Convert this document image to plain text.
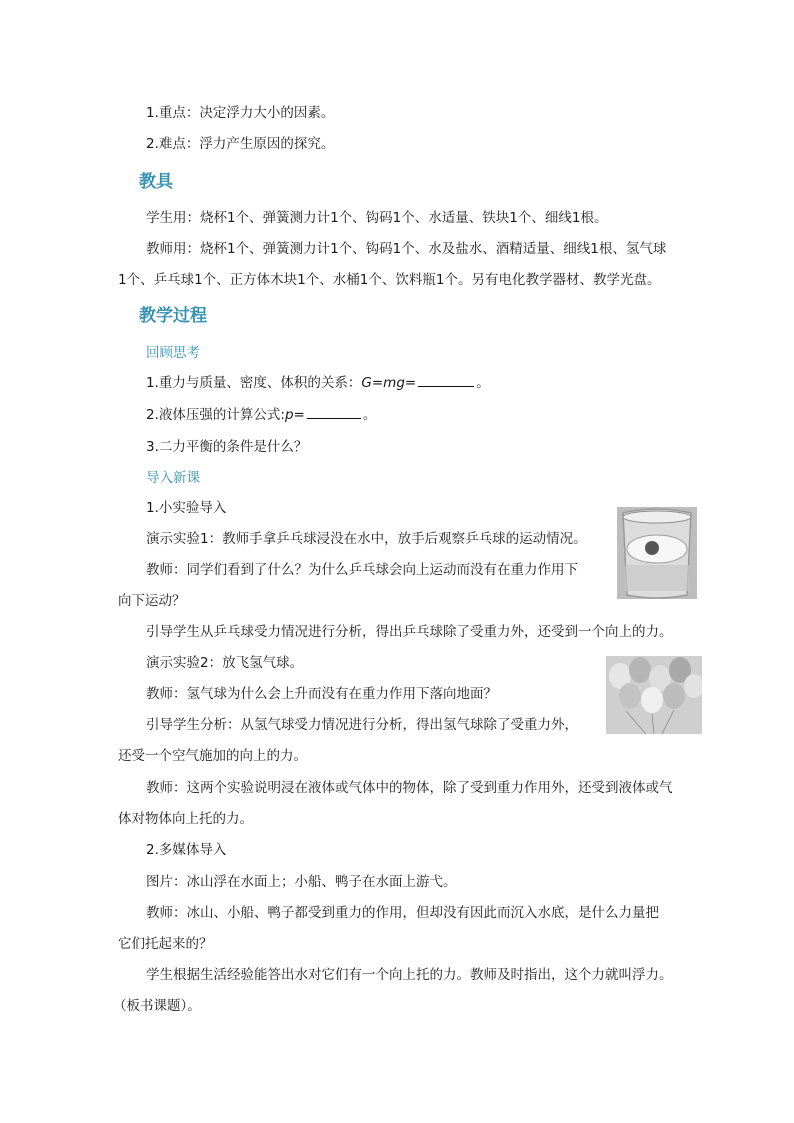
1.重点：决定浮力大小的因素。
2.难点：浮力产生原因的探究。
教具
学生用：烧杯1个、弹簧测力计1个、钩码1个、水适量、铁块1个、细线1根。
教师用：烧杯1个、弹簧测力计1个、钩码1个、水及盐水、酒精适量、细线1根、氢气球
1个、乒乓球1个、正方体木块1个、水桶1个、饮料瓶1个。另有电化教学器材、教学光盘。
教学过程
回顾思考
1.重力与质量、密度、体积的关系：G=mg=	。
2.液体压强的计算公式:p=	。
3.二力平衡的条件是什么？
导入新课
1.小实验导入
演示实验1：教师手拿乒乓球浸没在水中，放手后观察乒乓球的运动情况。
教师：同学们看到了什么？为什么乒乓球会向上运动而没有在重力作用下
向下运动？
引导学生从乒乓球受力情况进行分析，得出乒乓球除了受重力外，还受到一个向上的力。
演示实验2：放飞氢气球。
教师：氢气球为什么会上升而没有在重力作用下落向地面？
引导学生分析：从氢气球受力情况进行分析，得出氢气球除了受重力外，
还受一个空气施加的向上的力。
教师：这两个实验说明浸在液体或气体中的物体，除了受到重力作用外，还受到液体或气
体对物体向上托的力。
2.多媒体导入
图片：冰山浮在水面上；小船、鸭子在水面上游弋。
教师：冰山、小船、鸭子都受到重力的作用，但却没有因此而沉入水底，是什么力量把
它们托起来的？
学生根据生活经验能答出水对它们有一个向上托的力。教师及时指出，这个力就叫浮力。
（板书课题）。
